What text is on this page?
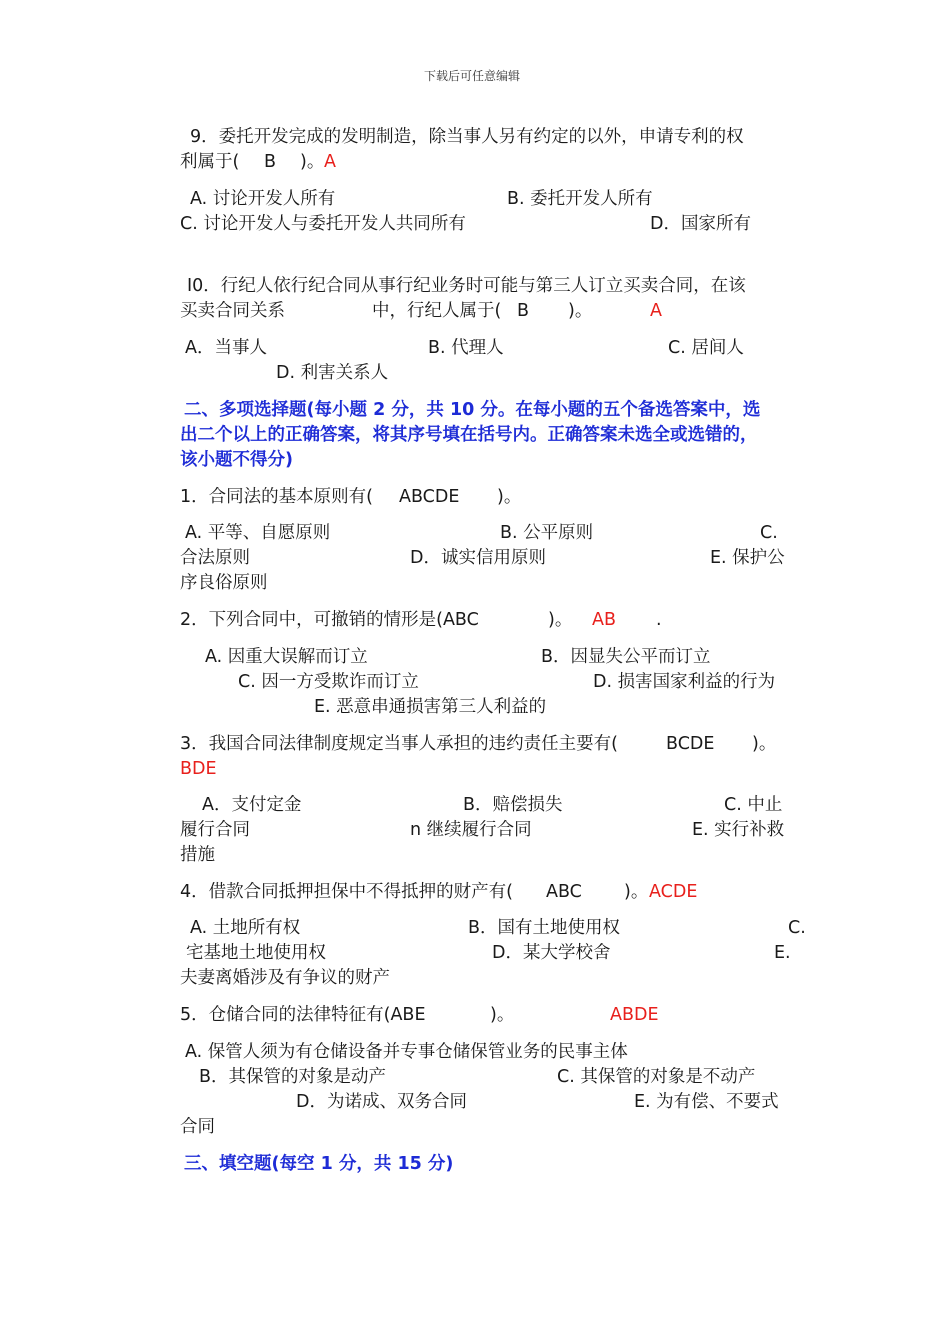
下载后可任意编辑
9．委托开发完成的发明制造，除当事人另有约定的以外，申请专利的权
利属于( B )。 A
A. 讨论开发人所有	B. 委托开发人所有
C. 讨论开发人与委托开发人共同所有	D．国家所有
I0．行纪人依行纪合同从事行纪业务时可能与第三人订立买卖合同，在该
买卖合同关系	中，行纪人属于( B )。	A
A．当事人	B. 代理人	C. 居间人
D. 利害关系人
二、多项选择题(每小题 2 分，共 10 分。在每小题的五个备选答案中，选
出二个以上的正确答案，将其序号填在括号内。正确答案未选全或选错的，
该小题不得分)
1．合同法的基本原则有( ABCDE )。
A. 平等、自愿原则	B. 公平原则	C.
合法原则	D．诚实信用原则	E. 保护公
序良俗原则
2．下列合同中，可撤销的情形是(ABC	)。 AB .
A. 因重大误解而订立	B．因显失公平而订立
C. 因一方受欺诈而订立	D. 损害国家利益的行为
E. 恶意串通损害第三人利益的
3．我国合同法律制度规定当事人承担的违约责任主要有(	BCDE )。
BDE
A．支付定金	B．赔偿损失	C. 中止
履行合同	n 继续履行合同	E. 实行补救
措施
4．借款合同抵押担保中不得抵押的财产有( ABC )。 ACDE
A. 土地所有权	B．国有土地使用权	C.
宅基地土地使用权	D．某大学校舍	E.
夫妻离婚涉及有争议的财产
5．仓储合同的法律特征有(ABE	)。	ABDE
A. 保管人须为有仓储设备并专事仓储保管业务的民事主体
B．其保管的对象是动产	C. 其保管的对象是不动产
D．为诺成、双务合同	E. 为有偿、不要式
合同
三、填空题(每空 1 分，共 15 分)
